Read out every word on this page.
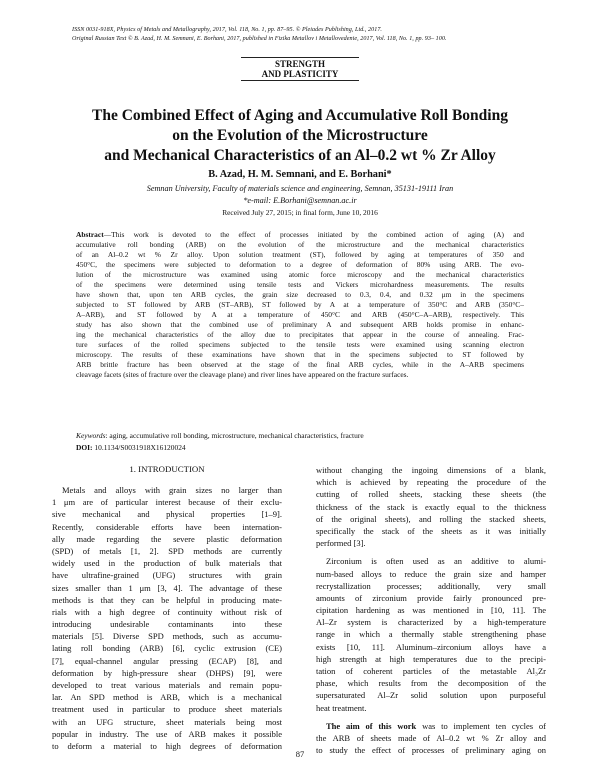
ISSN 0031-918X, Physics of Metals and Metallography, 2017, Vol. 118, No. 1, pp. 87–95. © Pleiades Publishing, Ltd., 2017.
Original Russian Text © B. Azad, H. M. Semnani, E. Borhani, 2017, published in Fizika Metallov i Metallovedenie, 2017, Vol. 118, No. 1, pp. 93– 100.
STRENGTH
AND PLASTICITY
The Combined Effect of Aging and Accumulative Roll Bonding
on the Evolution of the Microstructure
and Mechanical Characteristics of an Al–0.2 wt % Zr Alloy
B. Azad, H. M. Semnani, and E. Borhani*
Semnan University, Faculty of materials science and engineering, Semnan, 35131-19111 Iran
*e-mail: E.Borhani@semnan.ac.ir
Received July 27, 2015; in final form, June 10, 2016
Abstract—This work is devoted to the effect of processes initiated by the combined action of aging (A) and
accumulative roll bonding (ARB) on the evolution of the microstructure and the mechanical characteristics
of an Al–0.2 wt % Zr alloy. Upon solution treatment (ST), followed by aging at temperatures of 350 and
450°C, the specimens were subjected to deformation to a degree of deformation of 80% using ARB. The evo-
lution of the microstructure was examined using atomic force microscopy and the mechanical characteristics
of the specimens were determined using tensile tests and Vickers microhardness measurements. The results
have shown that, upon ten ARB cycles, the grain size decreased to 0.3, 0.4, and 0.32 μm in the specimens
subjected to ST followed by ARB (ST–ARB), ST followed by A at a temperature of 350°C and ARB (350°C–
A–ARB), and ST followed by A at a temperature of 450°C and ARB (450°C–A–ARB), respectively. This
study has also shown that the combined use of preliminary A and subsequent ARB holds promise in enhanc-
ing the mechanical characteristics of the alloy due to precipitates that appear in the course of annealing. Frac-
ture surfaces of the rolled specimens subjected to the tensile tests were examined using scanning electron
microscopy. The results of these examinations have shown that in the specimens subjected to ST followed by
ARB brittle fracture has been observed at the stage of the final ARB cycles, while in the A–ARB specimens
cleavage facets (sites of fracture over the cleavage plane) and river lines have appeared on the fracture surfaces.
Keywords: aging, accumulative roll bonding, microstructure, mechanical characteristics, fracture
DOI: 10.1134/S0031918X16120024
1. INTRODUCTION
Metals and alloys with grain sizes no larger than
1 μm are of particular interest because of their exclu-
sive mechanical and physical properties [1–9].
Recently, considerable efforts have been internation-
ally made regarding the severe plastic deformation
(SPD) of metals [1, 2]. SPD methods are currently
widely used in the production of bulk materials that
have ultrafine-grained (UFG) structures with grain
sizes smaller than 1 μm [3, 4]. The advantage of these
methods is that they can be helpful in producing mate-
rials with a high degree of continuity without risk of
introducing undesirable contaminants into these
materials [5]. Diverse SPD methods, such as accumu-
lating roll bonding (ARB) [6], cyclic extrusion (CE)
[7], equal-channel angular pressing (ECAP) [8], and
deformation by high-pressure shear (DHPS) [9], were
developed to treat various materials and remain popu-
lar. An SPD method is ARB, which is a mechanical
treatment used in particular to produce sheet materials
with an UFG structure, sheet materials being most
popular in industry. The use of ARB makes it possible
to deform a material to high degrees of deformation
without changing the ingoing dimensions of a blank,
which is achieved by repeating the procedure of the
cutting of rolled sheets, stacking these sheets (the
thickness of the stack is exactly equal to the thickness
of the original sheets), and rolling the stacked sheets,
specifically the stack of the sheets as it was initially
performed [3].
Zirconium is often used as an additive to alumi-
num-based alloys to reduce the grain size and hamper
recrystallization processes; additionally, very small
amounts of zirconium provide fairly pronounced pre-
cipitation hardening as was mentioned in [10, 11]. The
Al–Zr system is characterized by a high-temperature
range in which a thermally stable strengthening phase
exists [10, 11]. Aluminum–zirconium alloys have a
high strength at high temperatures due to the precipi-
tation of coherent particles of the metastable Al₃Zr
phase, which results from the decomposition of the
supersaturated Al–Zr solid solution upon purposeful
heat treatment.
The aim of this work was to implement ten cycles of
the ARB of sheets made of Al–0.2 wt % Zr alloy and
to study the effect of processes of preliminary aging on
87
